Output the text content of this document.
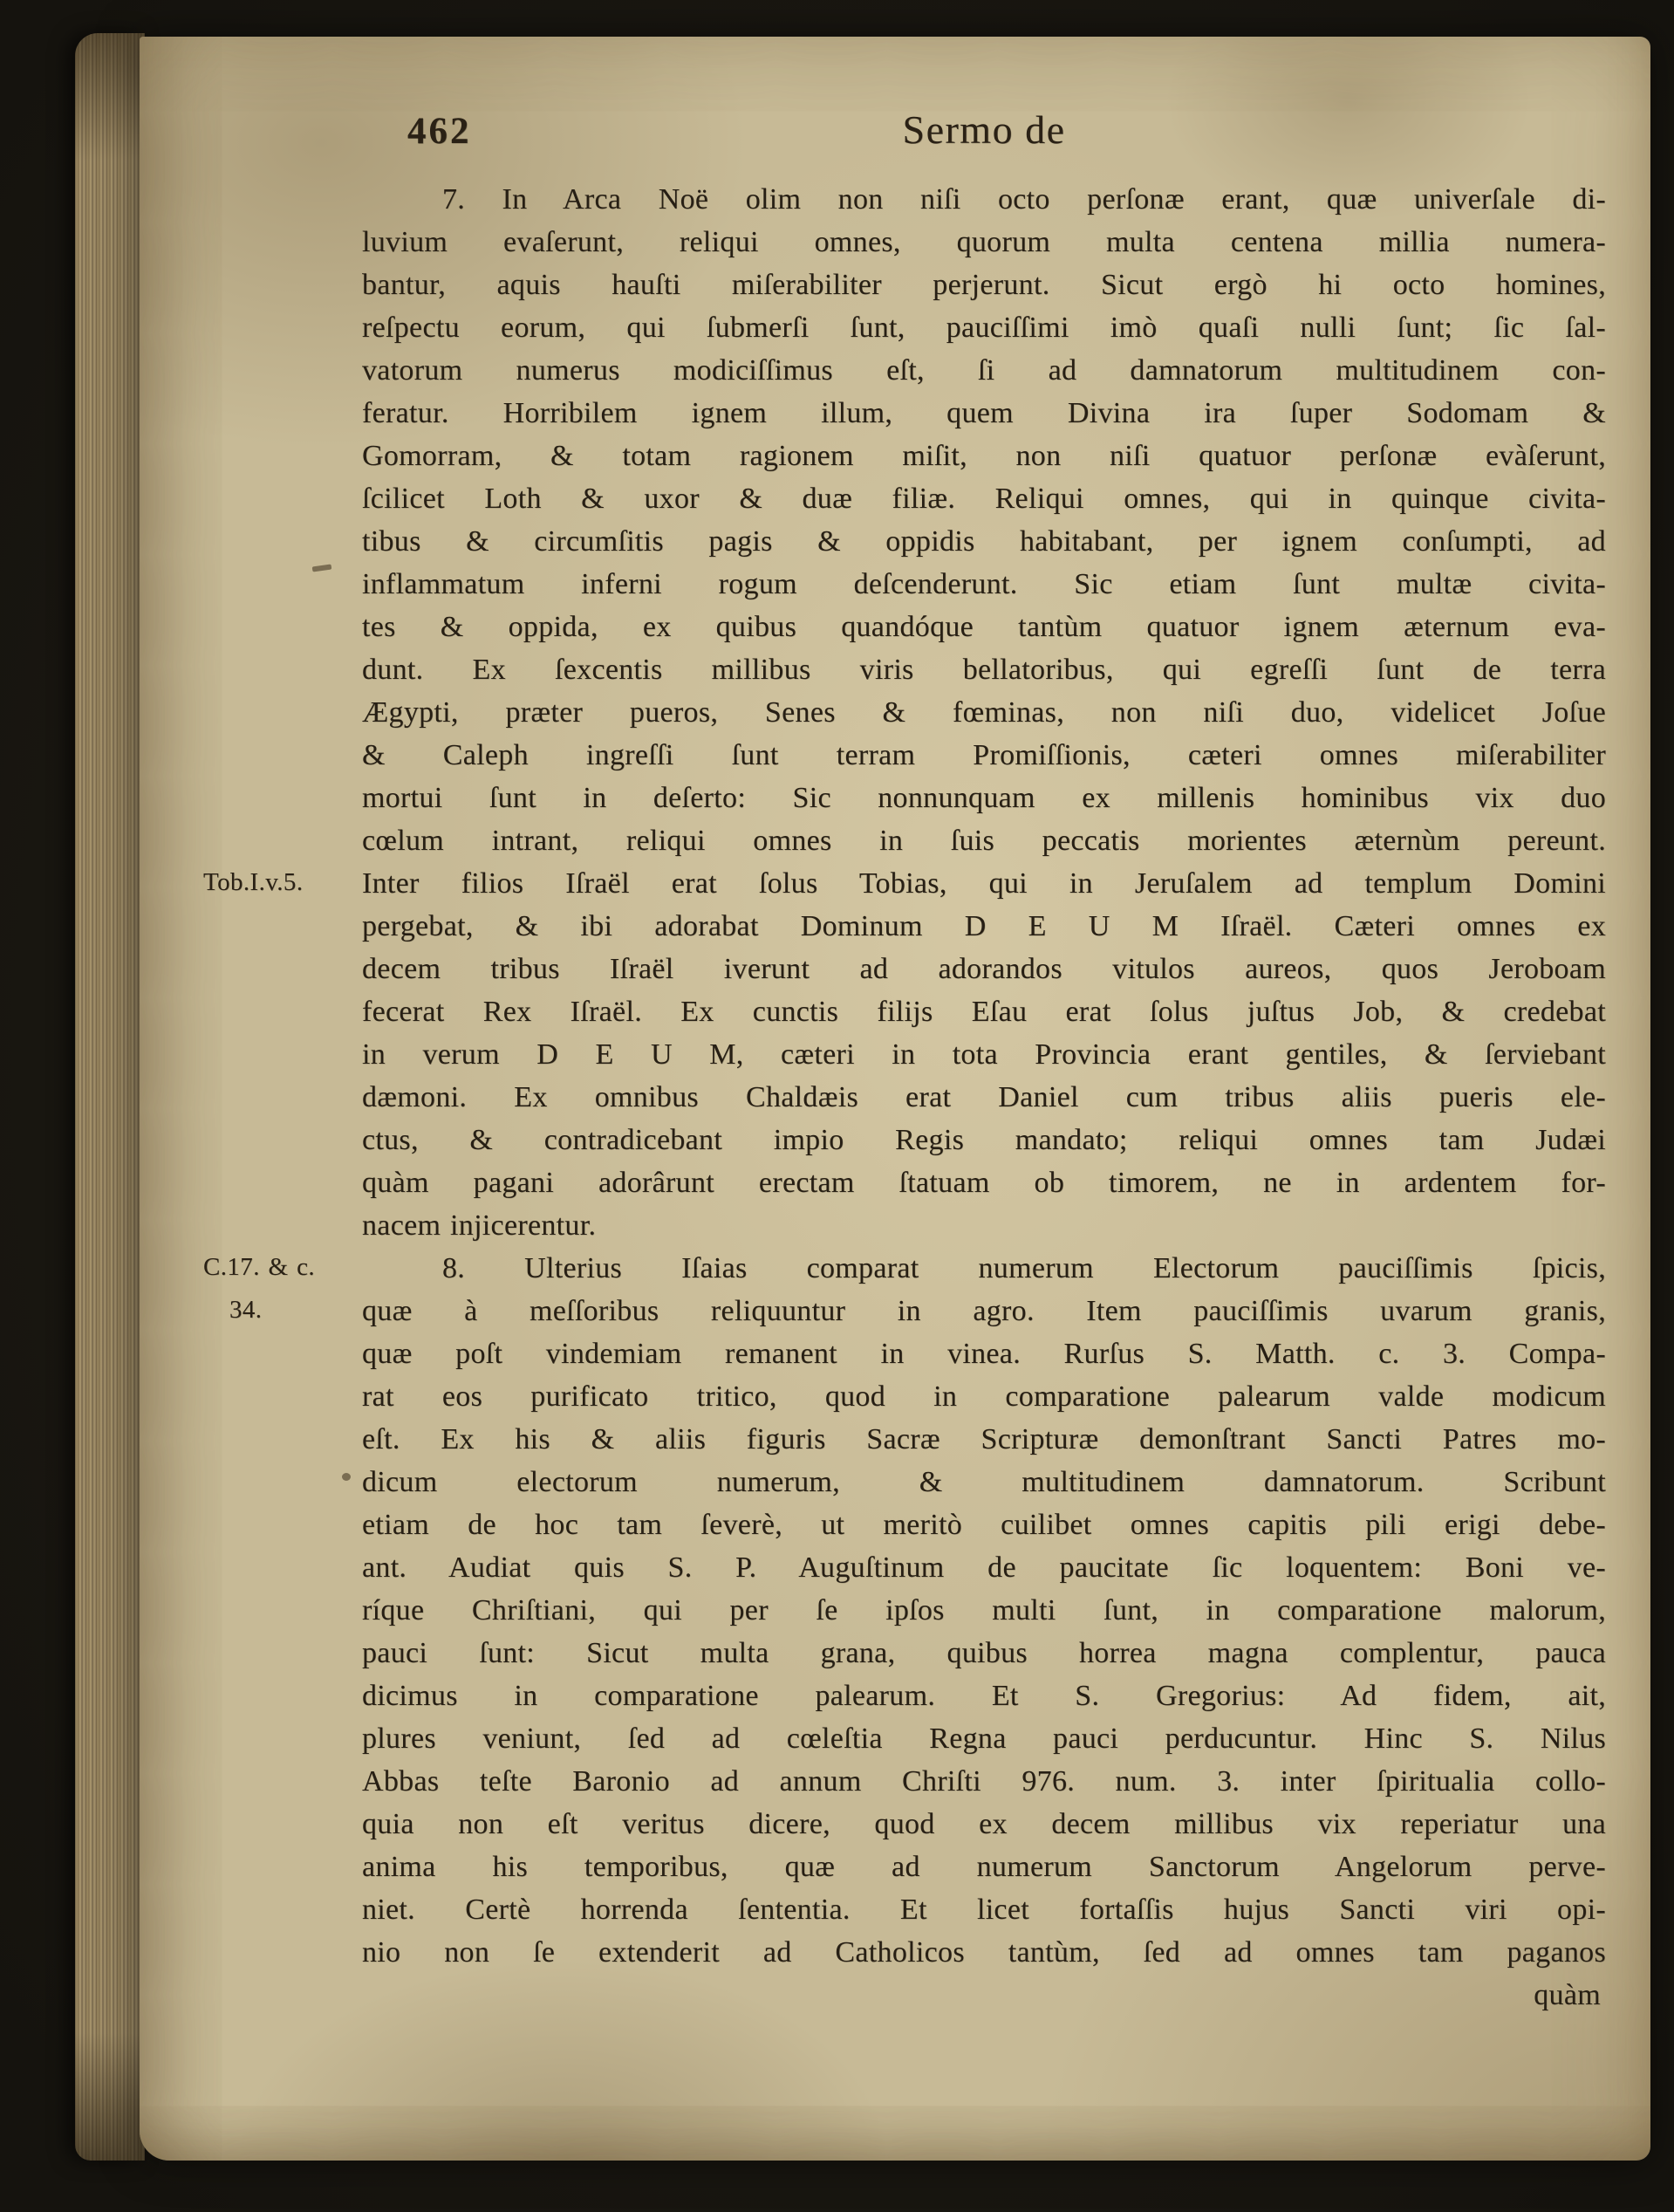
462	Sermo de
7. In Arca Noë olim non niſi octo perſonæ erant, quæ univerſale di-
luvium evaſerunt, reliqui omnes, quorum multa centena millia numera-
bantur, aquis hauſti miſerabiliter perjerunt. Sicut ergò hi octo homines,
reſpectu eorum, qui ſubmerſi ſunt, pauciſſimi imò quaſi nulli ſunt; ſic ſal-
vatorum numerus modiciſſimus eſt, ſi ad damnatorum multitudinem con-
feratur. Horribilem ignem illum, quem Divina ira ſuper Sodomam &
Gomorram, & totam ragionem miſit, non niſi quatuor perſonæ evàſerunt,
ſcilicet Loth & uxor & duæ filiæ. Reliqui omnes, qui in quinque civita-
tibus & circumſitis pagis & oppidis habitabant, per ignem conſumpti, ad
inflammatum inferni rogum deſcenderunt. Sic etiam ſunt multæ civita-
tes & oppida, ex quibus quandóque tantùm quatuor ignem æternum eva-
dunt. Ex ſexcentis millibus viris bellatoribus, qui egreſſi ſunt de terra
Ægypti, præter pueros, Senes & fœminas, non niſi duo, videlicet Joſue
& Caleph ingreſſi ſunt terram Promiſſionis, cæteri omnes miſerabiliter
mortui ſunt in deſerto: Sic nonnunquam ex millenis hominibus vix duo
cœlum intrant, reliqui omnes in ſuis peccatis morientes æternùm pereunt.
Inter filios Iſraël erat ſolus Tobias, qui in Jeruſalem ad templum Domini
pergebat, & ibi adorabat Dominum D E U M Iſraël. Cæteri omnes ex
decem tribus Iſraël iverunt ad adorandos vitulos aureos, quos Jeroboam
fecerat Rex Iſraël. Ex cunctis filijs Eſau erat ſolus juſtus Job, & credebat
in verum D E U M, cæteri in tota Provincia erant gentiles, & ſerviebant
dæmoni. Ex omnibus Chaldæis erat Daniel cum tribus aliis pueris ele-
ctus, & contradicebant impio Regis mandato; reliqui omnes tam Judæi
quàm pagani adorârunt erectam ſtatuam ob timorem, ne in ardentem for-
nacem injicerentur.
8. Ulterius Iſaias comparat numerum Electorum pauciſſimis ſpicis,
quæ à meſſoribus reliquuntur in agro. Item pauciſſimis uvarum granis,
quæ poſt vindemiam remanent in vinea. Rurſus S. Matth. c. 3. Compa-
rat eos purificato tritico, quod in comparatione palearum valde modicum
eſt. Ex his & aliis figuris Sacræ Scripturæ demonſtrant Sancti Patres mo-
dicum electorum numerum, & multitudinem damnatorum. Scribunt
etiam de hoc tam ſeverè, ut meritò cuilibet omnes capitis pili erigi debe-
ant. Audiat quis S. P. Auguſtinum de paucitate ſic loquentem: Boni ve-
ríque Chriſtiani, qui per ſe ipſos multi ſunt, in comparatione malorum,
pauci ſunt: Sicut multa grana, quibus horrea magna complentur, pauca
dicimus in comparatione palearum. Et S. Gregorius: Ad fidem, ait,
plures veniunt, ſed ad cœleſtia Regna pauci perducuntur. Hinc S. Nilus
Abbas teſte Baronio ad annum Chriſti 976. num. 3. inter ſpiritualia collo-
quia non eſt veritus dicere, quod ex decem millibus vix reperiatur una
anima his temporibus, quæ ad numerum Sanctorum Angelorum perve-
niet. Certè horrenda ſententia. Et licet fortaſſis hujus Sancti viri opi-
nio non ſe extenderit ad Catholicos tantùm, ſed ad omnes tam paganos
quàm
Tob.I.v.5.
C.17. & c.
34.
